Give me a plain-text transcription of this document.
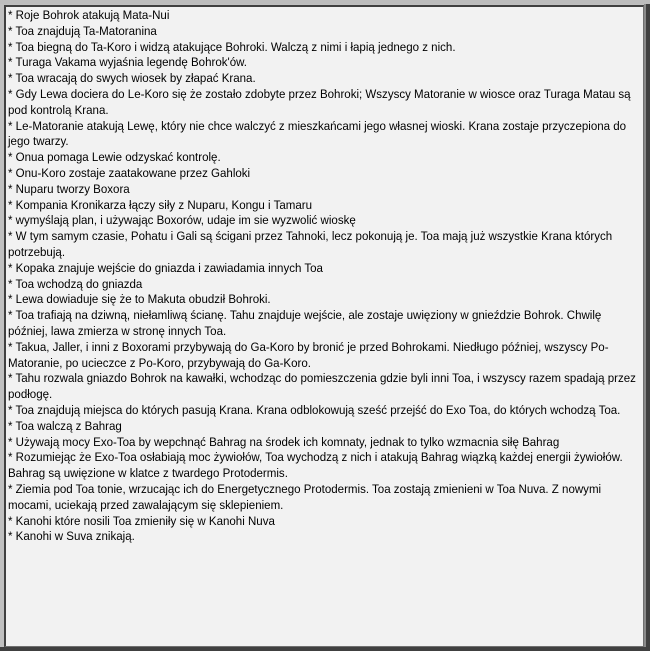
* Roje Bohrok atakują Mata-Nui
* Toa znajdują Ta-Matoranina
* Toa biegną do Ta-Koro i widzą atakujące Bohroki. Walczą z nimi i łapią jednego z nich.
* Turaga Vakama wyjaśnia legendę Bohrok'ów.
* Toa wracają do swych wiosek by złapać Krana.
* Gdy Lewa dociera do Le-Koro się że zostało zdobyte przez Bohroki; Wszyscy Matoranie w wiosce oraz Turaga Matau są pod kontrolą Krana.
* Le-Matoranie atakują Lewę, który nie chce walczyć z mieszkańcami jego własnej wioski. Krana zostaje przyczepiona do jego twarzy.
* Onua pomaga Lewie odzyskać kontrolę.
* Onu-Koro zostaje zaatakowane przez Gahloki
* Nuparu tworzy Boxora
* Kompania Kronikarza łączy siły z Nuparu, Kongu i Tamaru
* wymyślają plan, i używając Boxorów, udaje im sie wyzwolić wioskę
* W tym samym czasie, Pohatu i Gali są ścigani przez Tahnoki, lecz pokonują je. Toa mają już wszystkie Krana których potrzebują.
* Kopaka znajuje wejście do gniazda i zawiadamia innych Toa
* Toa wchodzą do gniazda
* Lewa dowiaduje się że to Makuta obudził Bohroki.
* Toa trafiają na dziwną, niełamliwą ścianę. Tahu znajduje wejście, ale zostaje uwięziony w gnieździe Bohrok. Chwilę później, lawa zmierza w stronę innych Toa.
* Takua, Jaller, i inni z Boxorami przybywają do Ga-Koro by bronić je przed Bohrokami. Niedługo później, wszyscy Po-Matoranie, po ucieczce z Po-Koro, przybywają do Ga-Koro.
* Tahu rozwala gniazdo Bohrok na kawałki, wchodząc do pomieszczenia gdzie byli inni Toa, i wszyscy razem spadają przez podłogę.
* Toa znajdują miejsca do których pasują Krana. Krana odblokowują sześć przejść do Exo Toa, do których wchodzą Toa.
* Toa walczą z Bahrag
* Używają mocy Exo-Toa by wepchnąć Bahrag na środek ich komnaty, jednak to tylko wzmacnia siłę Bahrag
* Rozumiejąc że Exo-Toa osłabiają moc żywiołów, Toa wychodzą z nich i atakują Bahrag wiązką każdej energii żywiołów. Bahrag są uwięzione w klatce z twardego Protodermis.
* Ziemia pod Toa tonie, wrzucając ich do Energetycznego Protodermis. Toa zostają zmienieni w Toa Nuva. Z nowymi mocami, uciekają przed zawalającym się sklepieniem.
* Kanohi które nosili Toa zmieniły się w Kanohi Nuva
* Kanohi w Suva znikają.
